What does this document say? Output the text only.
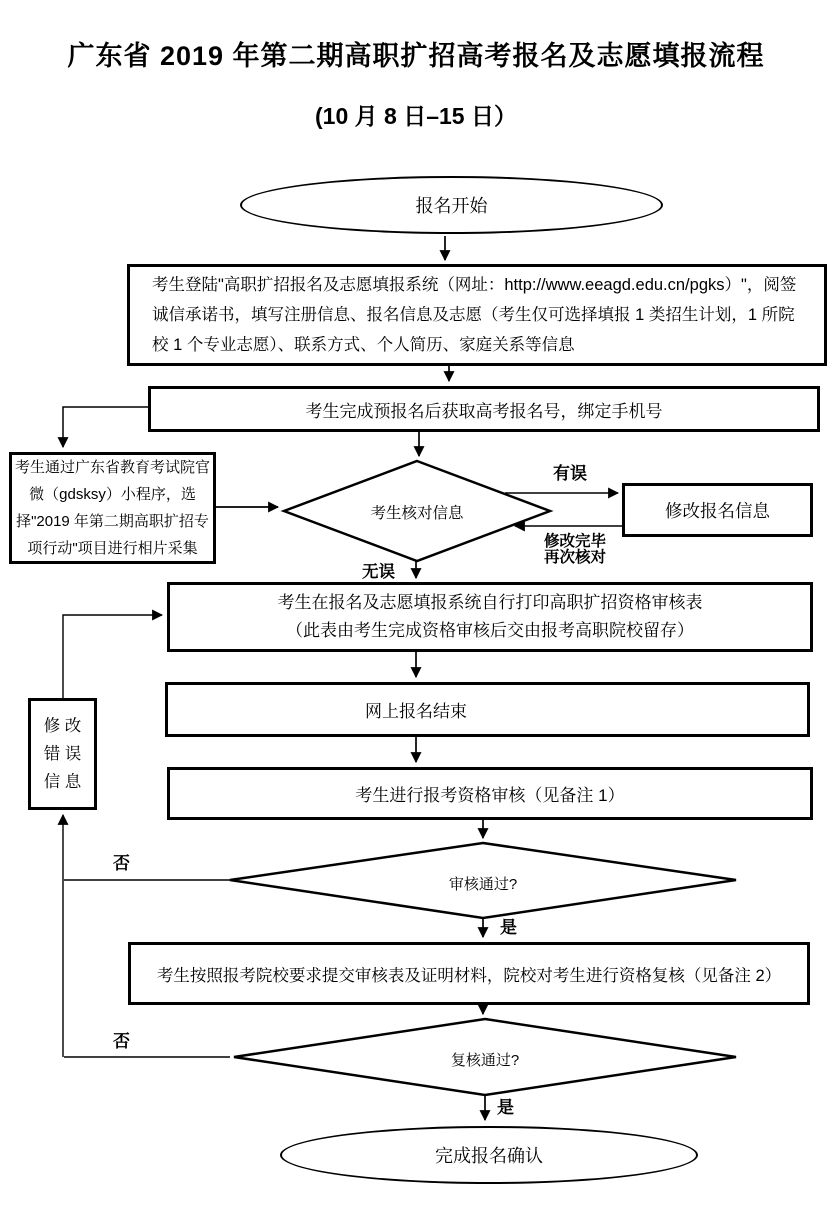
广东省 2019 年第二期高职扩招高考报名及志愿填报流程
(10 月 8 日–15 日）
报名开始
考生登陆"高职扩招报名及志愿填报系统（网址：http://www.eeagd.edu.cn/pgks）"，阅签诚信承诺书，填写注册信息、报名信息及志愿（考生仅可选择填报 1 类招生计划，1 所院校 1 个专业志愿）、联系方式、个人简历、家庭关系等信息
考生完成预报名后获取高考报名号，绑定手机号
考生通过广东省教育考试院官微（gdsksy）小程序，选择"2019 年第二期高职扩招专项行动"项目进行相片采集
考生核对信息	修改报名信息
考生在报名及志愿填报系统自行打印高职扩招资格审核表
（此表由考生完成资格审核后交由报考高职院校留存）
网上报名结束
考生进行报考资格审核（见备注 1）
审核通过?
考生按照报考院校要求提交审核表及证明材料，院校对考生进行资格复核（见备注 2）
复核通过?
完成报名确认
修 改
错 误
信 息
有误
修改完毕
再次核对
无误
否
是
否
是
